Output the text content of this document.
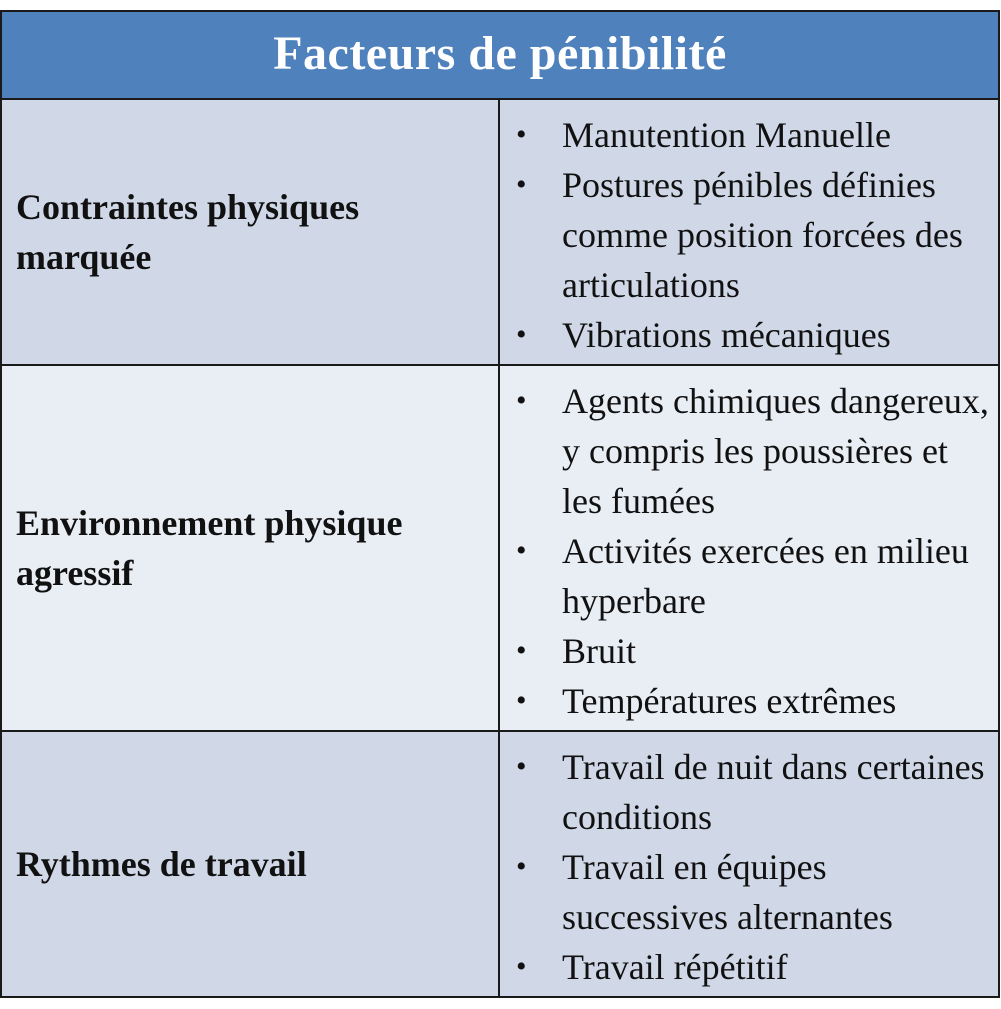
Facteurs de pénibilité
Contraintes physiques marquée
• Manutention Manuelle
• Postures pénibles définies comme position forcées des articulations
• Vibrations mécaniques
Environnement physique agressif
• Agents chimiques dangereux, y compris les poussières et les fumées
• Activités exercées en milieu hyperbare
• Bruit
• Températures extrêmes
Rythmes de travail
• Travail de nuit dans certaines conditions
• Travail en équipes successives alternantes
• Travail répétitif
